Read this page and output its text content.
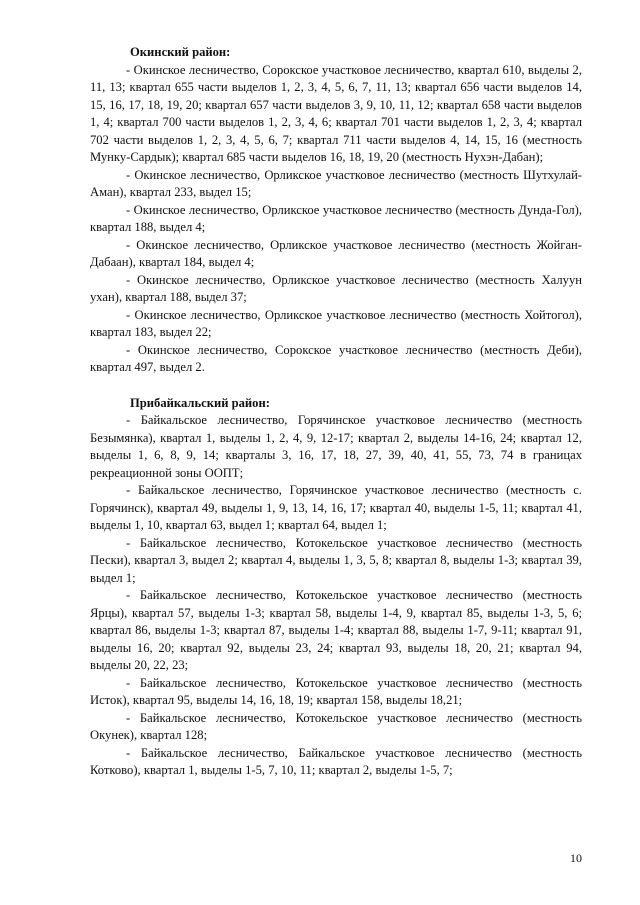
Окинский район:

- Окинское лесничество, Сорокское участковое лесничество, квартал 610, выделы 2, 11, 13; квартал 655 части выделов 1, 2, 3, 4, 5, 6, 7, 11, 13; квартал 656 части выделов 14, 15, 16, 17, 18, 19, 20; квартал 657 части выделов 3, 9, 10, 11, 12; квартал 658 части выделов 1, 4; квартал 700 части выделов 1, 2, 3, 4, 6; квартал 701 части выделов 1, 2, 3, 4; квартал 702 части выделов 1, 2, 3, 4, 5, 6, 7; квартал 711 части выделов 4, 14, 15, 16 (местность Мунку-Сардык); квартал 685 части выделов 16, 18, 19, 20 (местность Нухэн-Дабан);

- Окинское лесничество, Орликское участковое лесничество (местность Шутхулай-Аман), квартал 233, выдел 15;

- Окинское лесничество, Орликское участковое лесничество (местность Дунда-Гол), квартал 188, выдел 4;

- Окинское лесничество, Орликское участковое лесничество (местность Жойган-Дабаан), квартал 184, выдел 4;

- Окинское лесничество, Орликское участковое лесничество (местность Халуун ухан), квартал 188, выдел 37;

- Окинское лесничество, Орликское участковое лесничество (местность Хойтогол), квартал 183, выдел 22;

- Окинское лесничество, Сорокское участковое лесничество (местность Деби), квартал 497, выдел 2.

Прибайкальский район:

- Байкальское лесничество, Горячинское участковое лесничество (местность Безымянка), квартал 1, выделы 1, 2, 4, 9, 12-17; квартал 2, выделы 14-16, 24; квартал 12, выделы 1, 6, 8, 9, 14; кварталы 3, 16, 17, 18, 27, 39, 40, 41, 55, 73, 74 в границах рекреационной зоны ООПТ;

- Байкальское лесничество, Горячинское участковое лесничество (местность с. Горячинск), квартал 49, выделы 1, 9, 13, 14, 16, 17; квартал 40, выделы 1-5, 11; квартал 41, выделы 1, 10, квартал 63, выдел 1; квартал 64, выдел 1;

- Байкальское лесничество, Котокельское участковое лесничество (местность Пески), квартал 3, выдел 2; квартал 4, выделы 1, 3, 5, 8; квартал 8, выделы 1-3; квартал 39, выдел 1;

- Байкальское лесничество, Котокельское участковое лесничество (местность Ярцы), квартал 57, выделы 1-3; квартал 58, выделы 1-4, 9, квартал 85, выделы 1-3, 5, 6; квартал 86, выделы 1-3; квартал 87, выделы 1-4; квартал 88, выделы 1-7, 9-11; квартал 91, выделы 16, 20; квартал 92, выделы 23, 24; квартал 93, выделы 18, 20, 21; квартал 94, выделы 20, 22, 23;

- Байкальское лесничество, Котокельское участковое лесничество (местность Исток), квартал 95, выделы 14, 16, 18, 19; квартал 158, выделы 18,21;

- Байкальское лесничество, Котокельское участковое лесничество (местность Окунек), квартал 128;

- Байкальское лесничество, Байкальское участковое лесничество (местность Котково), квартал 1, выделы 1-5, 7, 10, 11; квартал 2, выделы 1-5, 7;

10
